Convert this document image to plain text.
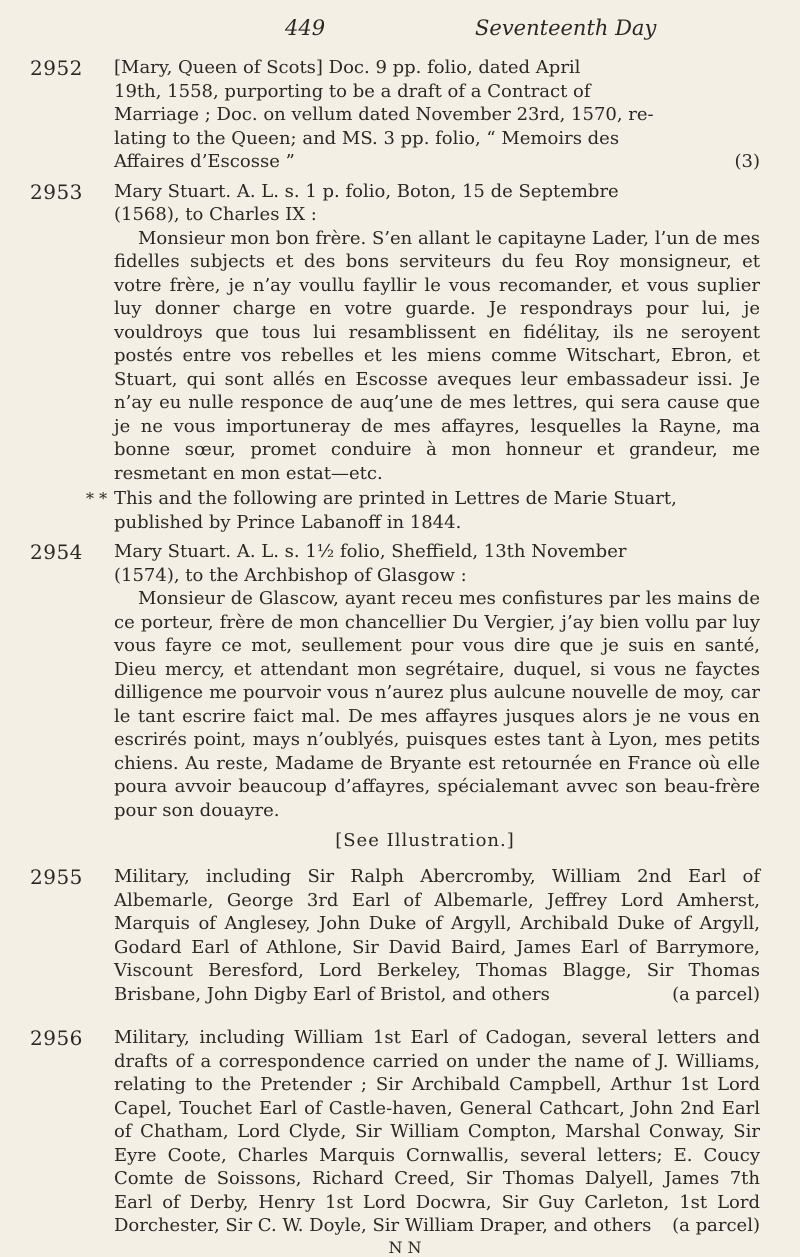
449	Seventeenth Day
2952	[Mary, Queen of Scots] Doc. 9 pp. folio, dated April

19th, 1558, purporting to be a draft of a Contract of

Marriage ; Doc. on vellum dated November 23rd, 1570, re-

lating to the Queen; and MS. 3 pp. folio, “ Memoirs des

Affaires d’Escosse ”	(3)

2953	Mary Stuart. A. L. s. 1 p. folio, Boton, 15 de Septembre

(1568), to Charles IX :

Monsieur mon bon frère. S’en allant le capitayne Lader, l’un de mes fidelles subjects et des bons serviteurs du feu Roy monsigneur, et votre frère, je n’ay voullu fayllir le vous recomander, et vous suplier luy donner charge en votre guarde. Je respondrays pour lui, je vouldroys que tous lui resamblissent en fidélitay, ils ne seroyent postés entre vos rebelles et les miens comme Witschart, Ebron, et Stuart, qui sont allés en Escosse aveques leur embassadeur issi. Je n’ay eu nulle responce de auq’une de mes lettres, qui sera cause que je ne vous importuneray de mes affayres, lesquelles la Rayne, ma bonne sœur, promet conduire à mon honneur et grandeur, me resmetant en mon estat—etc.

* * This and the following are printed in Lettres de Marie Stuart, published by Prince Labanoff in 1844.
2954	Mary Stuart. A. L. s. 1½ folio, Sheffield, 13th November

(1574), to the Archbishop of Glasgow :

Monsieur de Glascow, ayant receu mes confistures par les mains de ce porteur, frère de mon chancellier Du Vergier, j’ay bien vollu par luy vous fayre ce mot, seullement pour vous dire que je suis en santé, Dieu mercy, et attendant mon segrétaire, duquel, si vous ne fayctes dilligence me pourvoir vous n’aurez plus aulcune nouvelle de moy, car le tant escrire faict mal. De mes affayres jusques alors je ne vous en escrirés point, mays n’oublyés, puisques estes tant à Lyon, mes petits chiens. Au reste, Madame de Bryante est retournée en France où elle poura avvoir beaucoup d’affayres, spécialemant avvec son beau-frère pour son douayre.

[See Illustration.]
2955	Military, including Sir Ralph Abercromby, William 2nd Earl of Albemarle, George 3rd Earl of Albemarle, Jeffrey Lord Amherst, Marquis of Anglesey, John Duke of Argyll, Archibald Duke of Argyll, Godard Earl of Athlone, Sir David Baird, James Earl of Barrymore, Viscount Beresford, Lord Berkeley, Thomas Blagge, Sir Thomas Brisbane, John Digby Earl of Bristol, and others	(a parcel)

2956	Military, including William 1st Earl of Cadogan, several letters and drafts of a correspondence carried on under the name of J. Williams, relating to the Pretender ; Sir Archibald Campbell, Arthur 1st Lord Capel, Touchet Earl of Castle-haven, General Cathcart, John 2nd Earl of Chatham, Lord Clyde, Sir William Compton, Marshal Conway, Sir Eyre Coote, Charles Marquis Cornwallis, several letters; E. Coucy Comte de Soissons, Richard Creed, Sir Thomas Dalyell, James 7th Earl of Derby, Henry 1st Lord Docwra, Sir Guy Carleton, 1st Lord Dorchester, Sir C. W. Doyle, Sir William Draper, and others (a parcel)

N N
